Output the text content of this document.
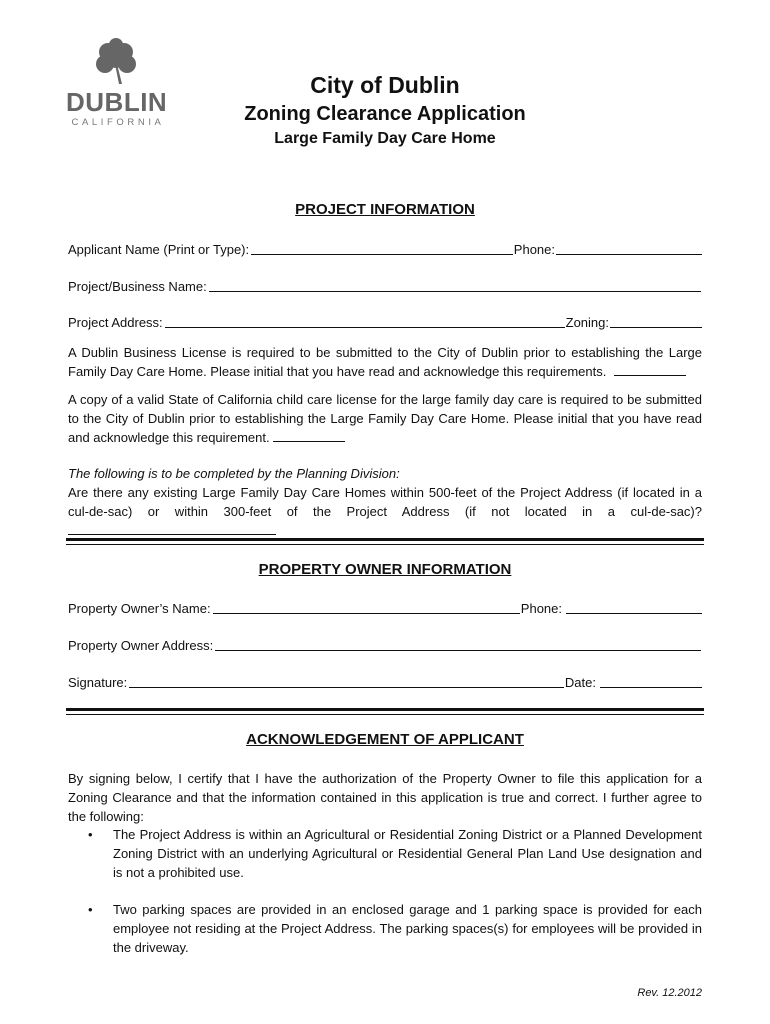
DUBLIN
CALIFORNIA
City of Dublin
Zoning Clearance Application
Large Family Day Care Home
PROJECT INFORMATION
Applicant Name (Print or Type):	Phone:
Project/Business Name:
Project Address:	Zoning:
A Dublin Business License is required to be submitted to the City of Dublin prior to establishing the Large Family Day Care Home. Please initial that you have read and acknowledge this requirements.
A copy of a valid State of California child care license for the large family day care is required to be submitted to the City of Dublin prior to establishing the Large Family Day Care Home. Please initial that you have read and acknowledge this requirement.
The following is to be completed by the Planning Division:
Are there any existing Large Family Day Care Homes within 500-feet of the Project Address (if located in a cul-de-sac) or within 300-feet of the Project Address (if not located in a cul-de-sac)?
PROPERTY OWNER INFORMATION
Property Owner’s Name:	Phone:
Property Owner Address:
Signature:	Date:
ACKNOWLEDGEMENT OF APPLICANT
By signing below, I certify that I have the authorization of the Property Owner to file this application for a Zoning Clearance and that the information contained in this application is true and correct. I further agree to the following:
• The Project Address is within an Agricultural or Residential Zoning District or a Planned Development Zoning District with an underlying Agricultural or Residential General Plan Land Use designation and is not a prohibited use.
• Two parking spaces are provided in an enclosed garage and 1 parking space is provided for each employee not residing at the Project Address. The parking spaces(s) for employees will be provided in the driveway.
Rev. 12.2012
